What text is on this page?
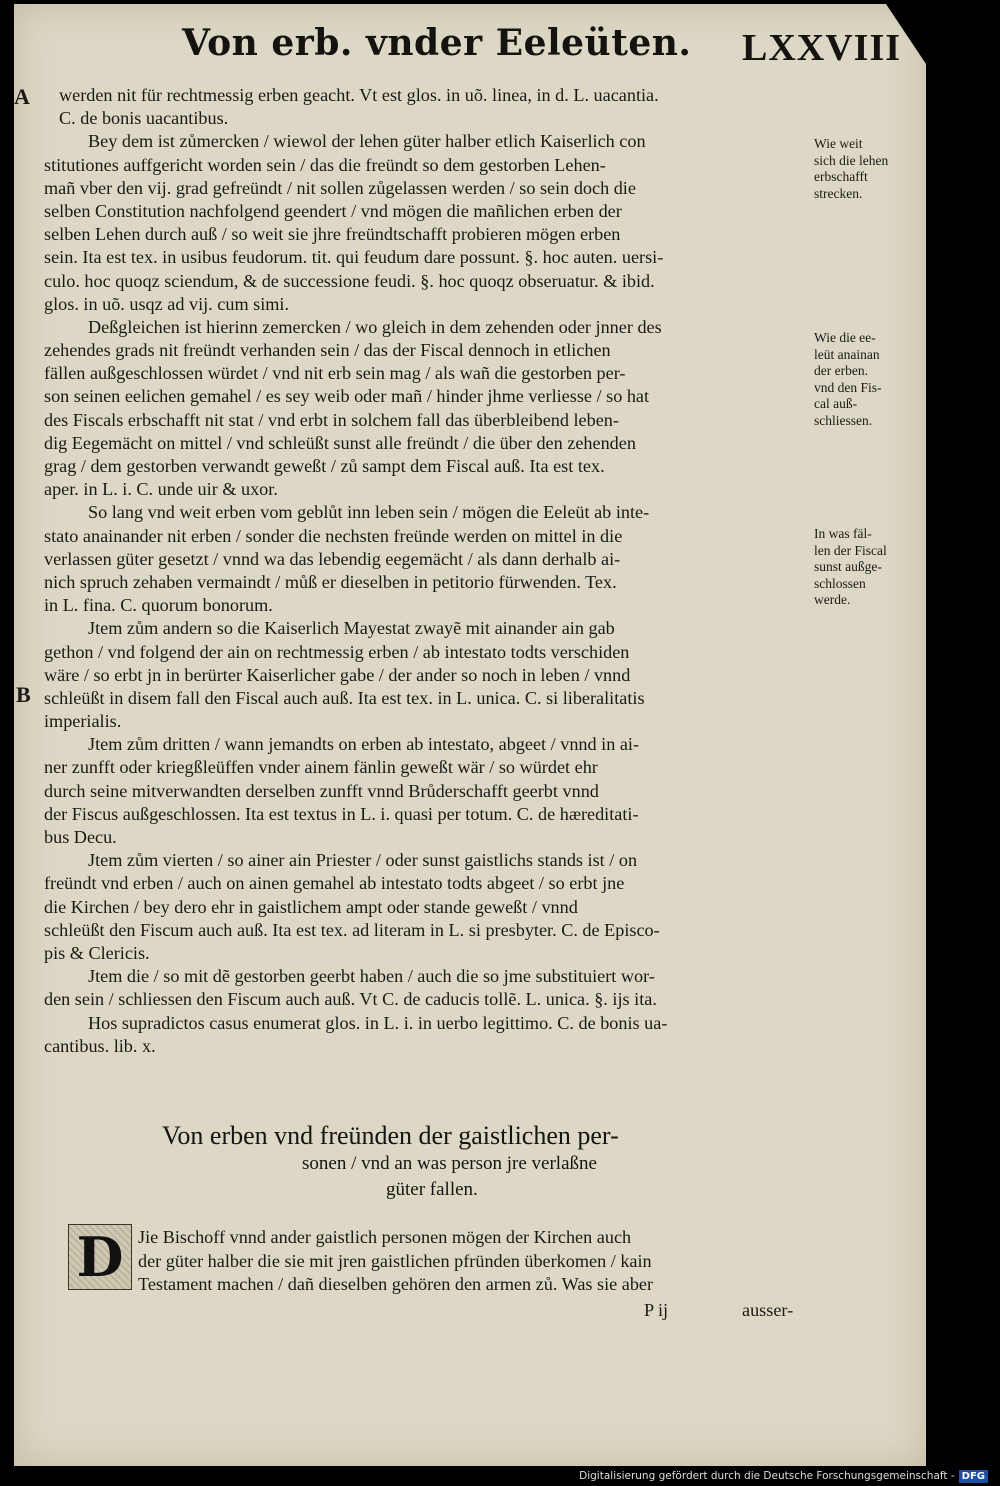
Von erb. vnder Eeleüten. LXXVIII
A
B
werden nit für rechtmessig erben geacht. Vt est glos. in uõ. linea, in d. L. uacantia.
C. de bonis uacantibus.
Bey dem ist zůmercken / wiewol der lehen güter halber etlich Kaiserlich con
stitutiones auffgericht worden sein / das die freündt so dem gestorben Lehen-
mañ vber den vij. grad gefreündt / nit sollen zůgelassen werden / so sein doch die
selben Constitution nachfolgend geendert / vnd mögen die mañlichen erben der
selben Lehen durch auß / so weit sie jhre freündtschafft probieren mögen erben
sein. Ita est tex. in usibus feudorum. tit. qui feudum dare possunt. §. hoc auten. uersi-
culo. hoc quoqz sciendum, & de successione feudi. §. hoc quoqz obseruatur. & ibid.
glos. in uõ. usqz ad vij. cum simi.
Deßgleichen ist hierinn zemercken / wo gleich in dem zehenden oder jnner des
zehendes grads nit freündt verhanden sein / das der Fiscal dennoch in etlichen
fällen außgeschlossen würdet / vnd nit erb sein mag / als wañ die gestorben per-
son seinen eelichen gemahel / es sey weib oder mañ / hinder jhme verliesse / so hat
des Fiscals erbschafft nit stat / vnd erbt in solchem fall das überbleibend leben-
dig Eegemächt on mittel / vnd schleüßt sunst alle freündt / die über den zehenden
grag / dem gestorben verwandt geweßt / zů sampt dem Fiscal auß. Ita est tex.
aper. in L. i. C. unde uir & uxor.
So lang vnd weit erben vom geblůt inn leben sein / mögen die Eeleüt ab inte-
stato anainander nit erben / sonder die nechsten freünde werden on mittel in die
verlassen güter gesetzt / vnnd wa das lebendig eegemächt / als dann derhalb ai-
nich spruch zehaben vermaindt / můß er dieselben in petitorio fürwenden. Tex.
in L. fina. C. quorum bonorum.
Jtem zům andern so die Kaiserlich Mayestat zwayẽ mit ainander ain gab
gethon / vnd folgend der ain on rechtmessig erben / ab intestato todts verschiden
wäre / so erbt jn in berürter Kaiserlicher gabe / der ander so noch in leben / vnnd
schleüßt in disem fall den Fiscal auch auß. Ita est tex. in L. unica. C. si liberalitatis
imperialis.
Jtem zům dritten / wann jemandts on erben ab intestato, abgeet / vnnd in ai-
ner zunfft oder kriegßleüffen vnder ainem fänlin geweßt wär / so würdet ehr
durch seine mitverwandten derselben zunfft vnnd Brůderschafft geerbt vnnd
der Fiscus außgeschlossen. Ita est textus in L. i. quasi per totum. C. de hæreditati-
bus Decu.
Jtem zům vierten / so ainer ain Priester / oder sunst gaistlichs stands ist / on
freündt vnd erben / auch on ainen gemahel ab intestato todts abgeet / so erbt jne
die Kirchen / bey dero ehr in gaistlichem ampt oder stande geweßt / vnnd
schleüßt den Fiscum auch auß. Ita est tex. ad literam in L. si presbyter. C. de Episco-
pis & Clericis.
Jtem die / so mit dẽ gestorben geerbt haben / auch die so jme substituiert wor-
den sein / schliessen den Fiscum auch auß. Vt C. de caducis tollẽ. L. unica. §. ijs ita.
Hos supradictos casus enumerat glos. in L. i. in uerbo legittimo. C. de bonis ua-
cantibus. lib. x.
Wie weit
sich die lehen
erbschafft
strecken.
Wie die ee-
leüt anainan
der erben.
vnd den Fis-
cal auß-
schliessen.
In was fäl-
len der Fiscal
sunst außge-
schlossen
werde.
Von erben vnd freünden der gaistlichen per-
sonen / vnd an was person jre verlaßne
güter fallen.
D Jie Bischoff vnnd ander gaistlich personen mögen der Kirchen auch
der güter halber die sie mit jren gaistlichen pfründen überkomen / kain
Testament machen / dañ dieselben gehören den armen zů. Was sie aber
P ij	ausser-
Digitalisierung gefördert durch die Deutsche Forschungsgemeinschaft - DFG
